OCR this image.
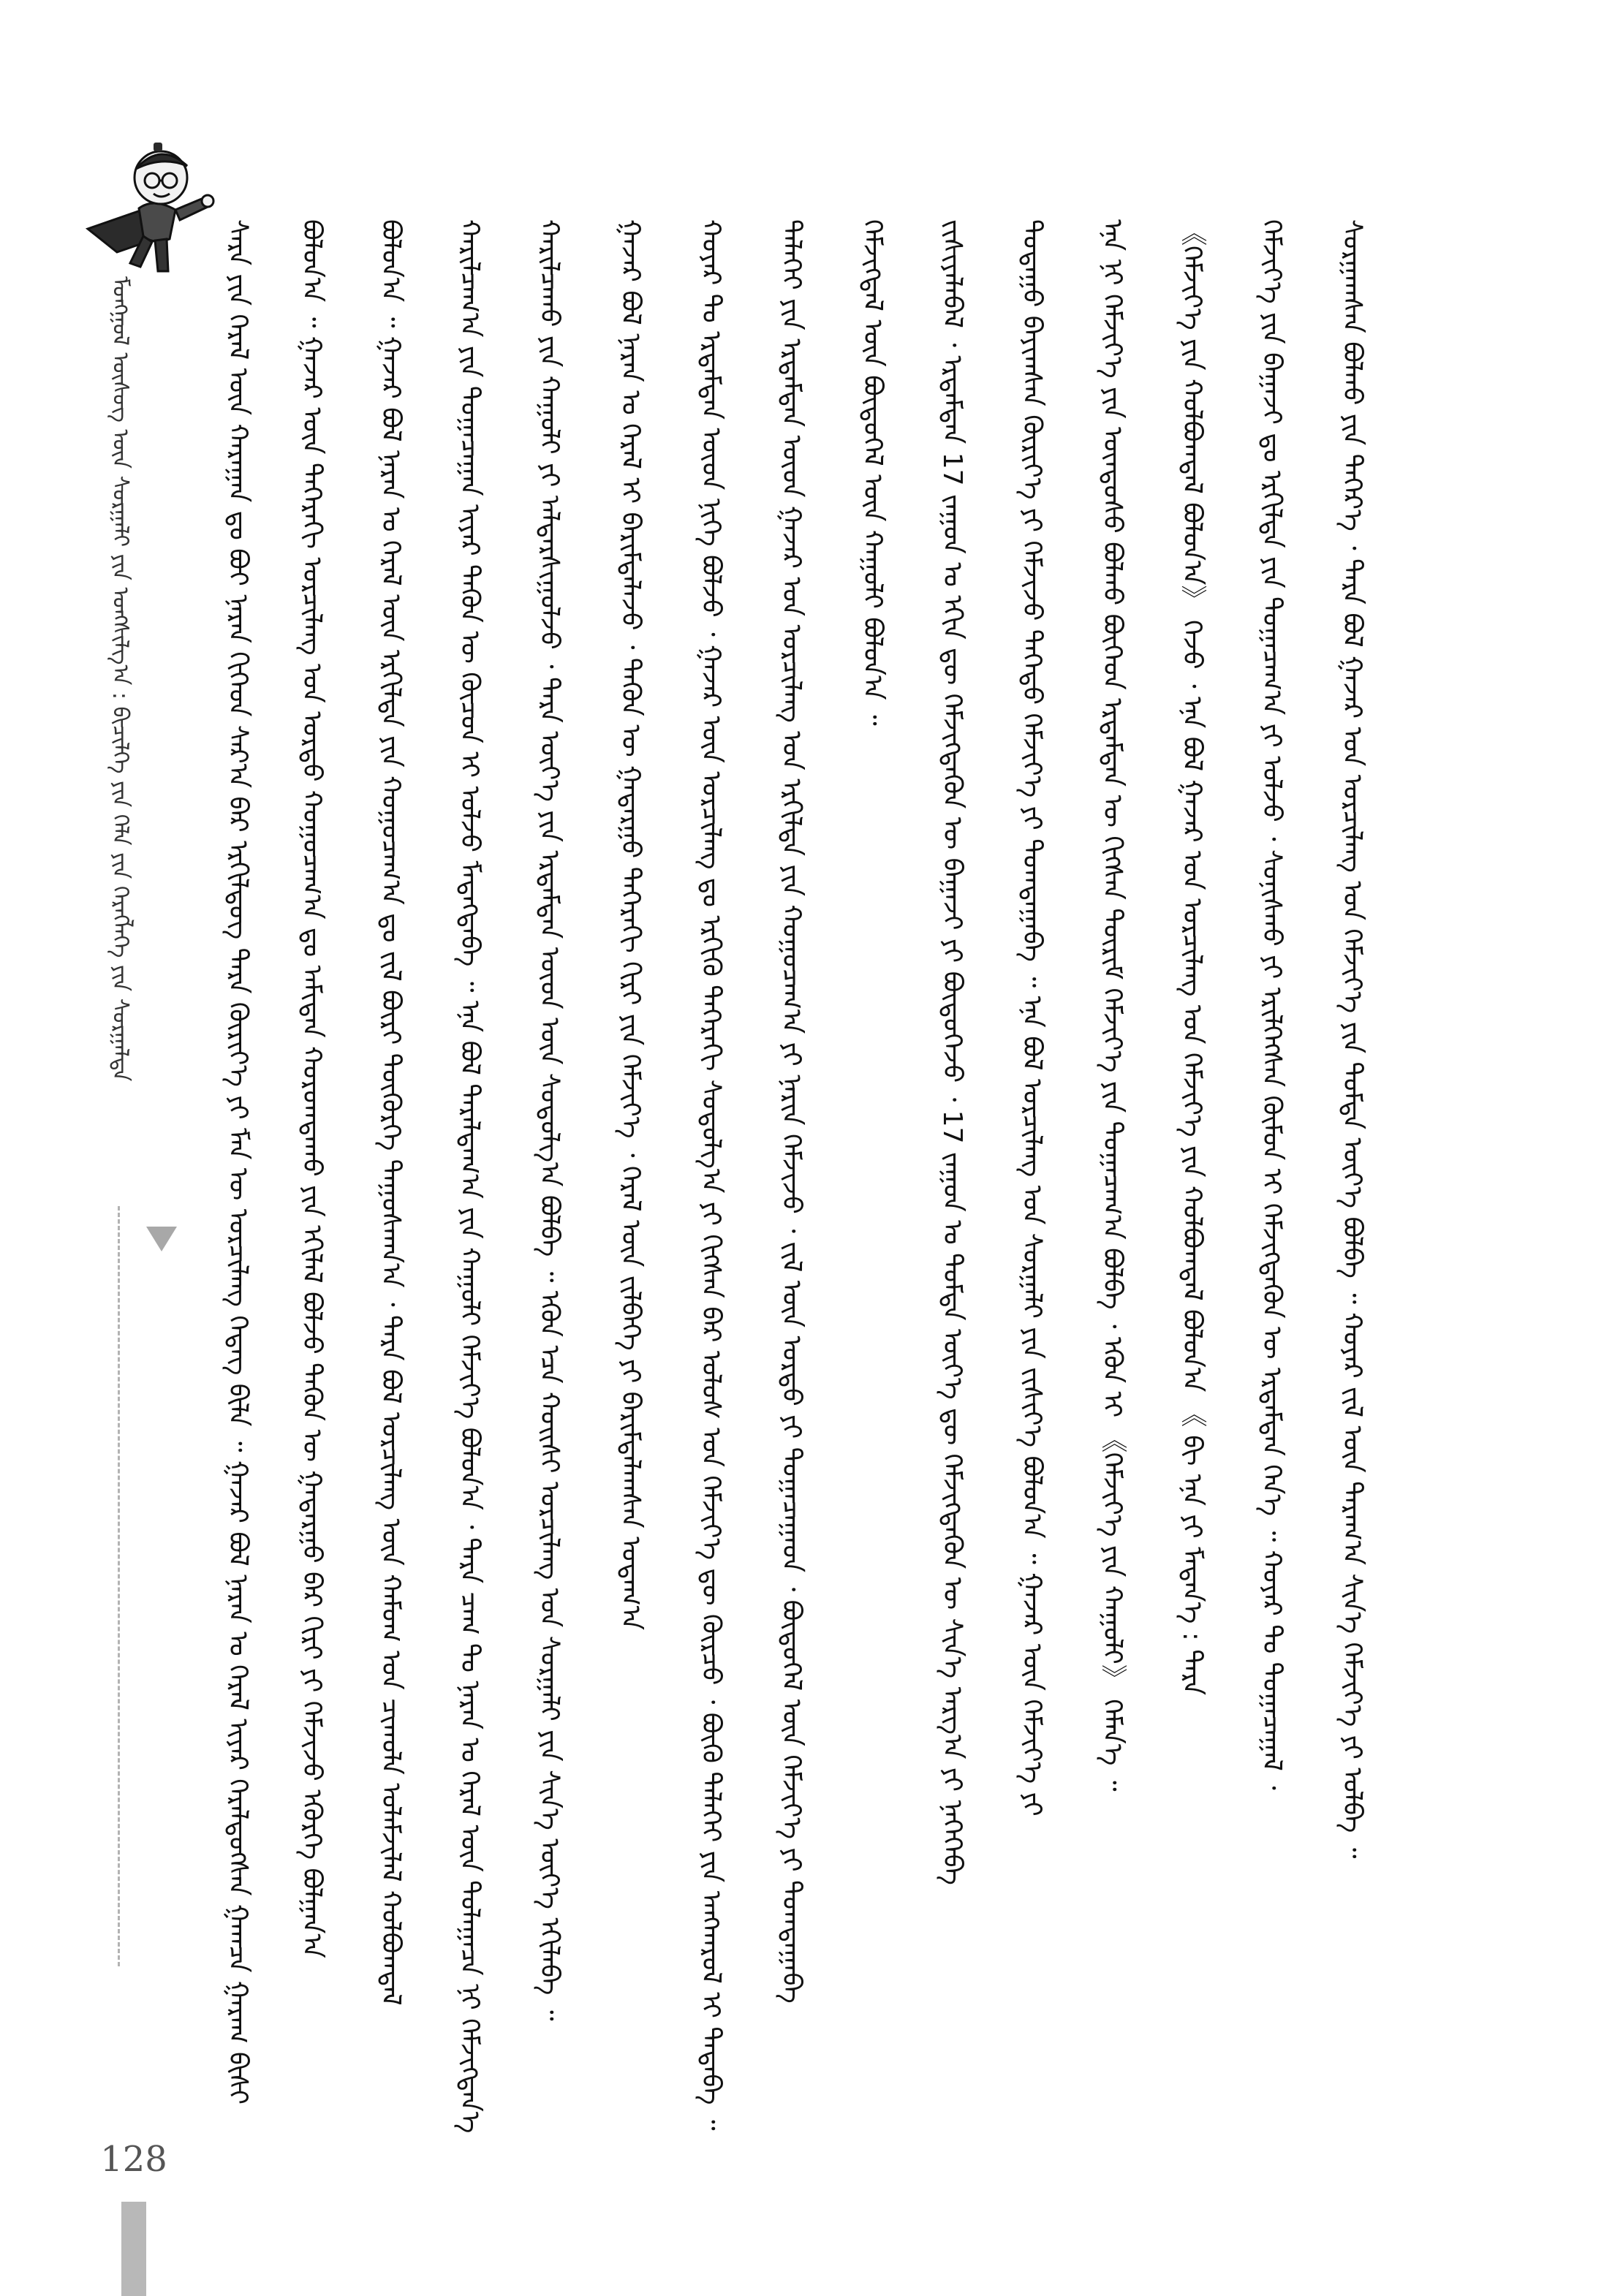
ᠮᠣᠩᠭᠣᠯ ᠦᠰᠦᠭ ᠦᠨ ᠰᠤᠷᠭᠠᠯᠢ ᠶᠢᠨ ᠤᠩᠰᠢᠯᠭ᠎ᠠ : ᠪᠢᠴᠢᠯᠭᠡ ᠶᠢᠨ ᠬᠡᠯᠡ ᠶᠢᠨ ᠬᠡᠷᠡᠭᠯᠡᠭᠡ ᠶᠢᠨ ᠰᠤᠷᠭᠠᠯᠳᠠ	ᠰᠠᠷᠠ ᠶᠢᠨ ᠭᠡᠷᠡᠯ ᠦᠨ ᠬᠠᠷᠠᠭᠠᠨ ᠳᠤ ᠪᠤᠢ ᠨᠠᠷᠠᠨ ᠬᠢᠭᠡᠳ ᠰᠠᠷ᠎ᠠ ᠪᠠᠷ ᠡᠷᠭᠢᠯᠳᠦᠭ ᠲᠡᠷᠡ ᠬᠦᠷᠢᠶ᠎ᠡ ᠶᠢ ᠮᠠᠨ ᠦ ᠣᠷᠴᠢᠯᠠᠩ ᠭᠡᠳᠡᠭ ᠪᠢᠯᠡ ᠃ ᠭᠠᠵᠠᠷ ᠪᠣᠯ ᠨᠠᠷᠠᠨ ᠤ ᠭᠡᠷᠡᠯ ᠢᠶᠡᠷ ᠭᠡᠷᠡᠯᠲᠦᠭᠰᠡᠨ ᠭᠠᠭᠴᠠ ᠭᠠᠷᠠᠭ ᠪᠢᠰᠢ ᠪᠣᠯᠤᠨ᠎ᠠ ᠃ ᠭᠠᠵᠠᠷ ᠦᠨ ᠲᠡᠭᠡᠷᠡᠬᠢ ᠣᠷᠴᠢᠯᠠᠩ ᠤᠨ ᠤᠷᠲᠤ ᠬᠤᠭᠤᠴᠠᠭ᠎ᠠ ᠳᠤ ᠠᠮᠢᠲᠠᠨ ᠬᠣᠷᠤᠭᠳᠠᠬᠤ ᠶᠢᠨ ᠡᠬᠢᠯᠡᠯ ᠪᠣᠯᠵᠤ ᠲᠡᠭᠦᠨ ᠦ ᠭᠠᠳᠠᠷᠭᠤ ᠪᠡᠷ ᠬᠢᠷᠢ ᠶᠢ ᠬᠡᠮᠵᠢᠵᠦ ᠡᠭᠦᠷᠭᠡ ᠪᠣᠯᠭᠠᠨ᠎ᠠ ᠪᠣᠯᠤᠨ᠎ᠠ ᠃ ᠭᠠᠵᠠᠷ ᠪᠣᠯ ᠨᠠᠷᠠᠨ ᠤ ᠭᠡᠷᠡᠯ ᠦᠨ ᠡᠷᠭᠢᠯᠲᠡ ᠶᠢᠨ ᠬᠤᠭᠤᠴᠠᠭ᠎ᠠ ᠳᠤ ᠵᠢᠯ ᠪᠦᠷᠢ ᠳᠦᠭᠦᠷᠭᠡ ᠳᠠᠭᠤᠰᠬᠠᠨ᠎ᠠ ᠂ ᠲᠡᠷᠡ ᠪᠣᠯ ᠣᠷᠴᠢᠯᠠᠩ ᠦᠨ ᠬᠠᠮᠤᠭ ᠤᠨ ᠴᠢᠬᠤᠯᠠ ᠤᠯᠠᠮᠵᠢᠯᠠᠯ ᠬᠣᠯᠪᠤᠭᠳᠠᠯ ᠬᠠᠷᠢᠯᠴᠠᠭ᠎ᠠ ᠶᠢᠨ ᠲᠣᠭᠠᠴᠠᠭᠠᠨ ᠢᠶᠠᠷ ᠲᠡᠭᠦᠨ ᠦ ᠬᠦᠴᠦᠨ ᠢ ᠣᠯᠵᠤ ᠮᠡᠳᠡᠭᠳᠡᠪᠡ ᠃ ᠡᠨᠡ ᠪᠣᠯ ᠲᠠᠷᠠᠯᠳᠠᠭ᠎ᠠ ᠶᠢᠨ ᠬᠠᠭᠤᠯᠢ ᠬᠡᠮᠵᠢᠶ᠎ᠡ ᠪᠣᠯᠤᠨ᠎ᠠ ᠂ ᠲᠡᠷᠡ ᠴᠠᠭ ᠲᠤ ᠨᠠᠷᠠᠨ ᠤ ᠭᠡᠷᠡᠯ ᠦᠨ ᠳᠤᠯᠠᠭᠠᠴᠠ ᠨᠢ ᠬᠡᠮᠵᠢᠭᠳᠡᠨ᠎ᠡ ᠬᠠᠷᠢᠯᠴᠠᠬᠤ ᠶᠢᠨ ᠬᠠᠭᠤᠯᠢ ᠶᠢ ᠠᠯᠳᠠᠷᠰᠢᠭᠤᠯᠵᠤ ᠂ ᠲᠡᠷᠡ ᠦᠶ᠎ᠡ ᠶᠢᠨ ᠡᠷᠳᠡᠮᠲᠡᠨ ᠦᠳ ᠦᠨ ᠰᠤᠳᠤᠯᠭ᠎ᠠ ᠪᠣᠯᠪᠠ ᠃ ᠡᠭᠦᠨ ᠡᠴᠡ ᠬᠣᠢᠰᠢ ᠣᠷᠴᠢᠯᠠᠩ ᠤᠨ ᠰᠤᠷᠭᠠᠯᠢ ᠶᠢᠨ ᠰᠢᠨ᠎ᠡ ᠦᠶ᠎ᠡ ᠡᠬᠢᠯᠡᠪᠡ ᠃ ᠭᠠᠵᠠᠷ ᠪᠣᠯ ᠨᠠᠷᠠᠨ ᠤ ᠭᠡᠷᠡᠯ ᠢ ᠪᠠᠷᠢᠮᠲᠠᠯᠠᠵᠤ ᠂ ᠲᠡᠭᠦᠨ ᠦ ᠭᠠᠳᠠᠷᠭᠤ ᠳᠡᠭᠡᠷᠡᠬᠢ ᠬᠢᠷᠢ ᠶᠢᠨ ᠬᠡᠮᠵᠢᠶ᠎ᠡ ᠂ ᠭᠡᠷᠡᠯ ᠦᠨ ᠵᠢᠯᠪᠡᠭᠡ ᠶᠢ ᠪᠠᠷᠢᠮᠲᠠᠯᠠᠭᠰᠠᠨ ᠤᠳᠠᠭ᠎ᠠ ᠬᠣᠶᠠᠷ ᠲᠤ ᠡᠷᠳᠡᠮᠲᠡᠨ ᠦᠳ ᠨᠢᠭᠡ ᠪᠣᠯᠵᠤ ᠂ ᠭᠠᠵᠠᠷ ᠦᠨ ᠣᠷᠴᠢᠯᠠᠩ ᠳᠤ ᠡᠷᠭᠢᠬᠦ ᠲᠡᠭᠡᠷᠡᠬᠢ ᠰᠤᠳᠤᠯᠭ᠎ᠠ ᠶᠢ ᠬᠢᠭᠰᠡᠨ ᠪᠠᠷ ᠤᠯᠤᠰ ᠤᠨ ᠬᠡᠮᠵᠢᠶ᠎ᠡ ᠳᠦ ᠬᠦᠷᠴᠦ ᠂ ᠪᠦᠬᠦ ᠳᠡᠯᠡᠬᠡᠢ ᠶᠢᠨ ᠠᠩᠬᠠᠷᠤᠯ ᠢ ᠲᠠᠲᠠᠪᠠ ᠃ ᠳᠡᠯᠡᠬᠡᠢ ᠶᠢᠨ ᠡᠷᠳᠡᠮᠲᠡᠨ ᠦᠳ ᠭᠠᠵᠠᠷ ᠤᠨ ᠣᠷᠴᠢᠯᠠᠩ ᠤᠨ ᠡᠷᠭᠢᠯᠲᠡ ᠶᠢᠨ ᠬᠤᠭᠤᠴᠠᠭ᠎ᠠ ᠶᠢ ᠨᠠᠷᠢᠨ ᠬᠡᠮᠵᠢᠵᠦ ᠂ ᠵᠢᠯ ᠦᠨ ᠤᠷᠲᠤ ᠶᠢ ᠲᠣᠭᠠᠴᠠᠭᠠᠳ ᠂ ᠪᠦᠲᠦᠭᠡᠯ ᠦᠨ ᠬᠡᠮᠵᠢᠶ᠎ᠡ ᠶᠢ ᠲᠣᠭᠲᠠᠭᠠᠪᠠ ᠬᠡᠮᠵᠢᠭᠳᠡᠯ ᠦᠨ ᠪᠦᠲᠦᠭᠡᠯ ᠦᠨ ᠬᠠᠭᠤᠯᠢ ᠪᠣᠯᠤᠨ᠎ᠠ ᠃ ᠵᠢᠰᠢᠶᠡᠯᠡᠪᠡᠯ ᠂ ᠡᠷᠳᠡᠮᠲᠡᠨ 17 ᠵᠠᠭᠤᠨ ᠤ ᠡᠬᠢᠨ ᠳᠦ ᠬᠡᠮᠵᠢᠭᠳᠡᠬᠦᠨ ᠦ ᠪᠠᠭᠠᠵᠢ ᠶᠢ ᠪᠦᠲᠦᠭᠡᠵᠦ ᠂ 17 ᠵᠠᠭᠤᠨ ᠤ ᠳᠤᠮᠳᠠ ᠦᠶ᠎ᠡ ᠳᠦ ᠬᠡᠮᠵᠢᠭᠳᠡᠬᠦᠨ ᠦ ᠰᠢᠨ᠎ᠡ ᠠᠷᠭ᠎ᠠ ᠶᠢ ᠨᠡᠭᠡᠭᠡᠪᠡ ᠳᠤᠲᠠᠭᠤ ᠪᠠᠶᠢᠭᠰᠠᠨ ᠬᠦᠷᠢᠶ᠎ᠡ ᠶᠢ ᠬᠡᠮᠵᠢᠵᠦ ᠳᠡᠭᠡᠳᠦ ᠬᠡᠮᠵᠢᠶ᠎ᠡ ᠶᠢ ᠲᠣᠭᠲᠠᠭᠠᠪᠠ ᠃ ᠡᠨᠡ ᠪᠣᠯ ᠣᠷᠴᠢᠯᠠᠩ ᠤᠨ ᠰᠤᠷᠭᠠᠯᠢ ᠶᠢᠨ ᠵᠢᠰᠢᠶ᠎ᠡ ᠪᠣᠯᠤᠨ᠎ᠠ ᠃ ᠭᠠᠵᠠᠷ ᠦᠨ ᠬᠡᠮᠵᠢᠶ᠎ᠡ ᠶᠢ ᠡᠨᠡ ᠨᠢ ᠬᠡᠮᠵᠢᠶ᠎ᠡ ᠶᠢᠨ ᠦᠨᠳᠦᠰᠦ ᠪᠣᠯᠬᠤ ᠪᠥᠭᠡᠳ ᠡᠷᠳᠡᠮᠲᠡᠨ ᠦ ᠬᠢᠭᠰᠡᠨ ᠳᠦᠷᠢᠮ ᠬᠡᠮᠵᠢᠶ᠎ᠡ ᠶᠢᠨ ᠲᠣᠭᠠᠴᠠᠭ᠎ᠠ ᠪᠣᠯᠪᠠ ᠂ ᠡᠭᠦᠨ ᠢ 《ᠬᠡᠮᠵᠢᠶ᠎ᠡ ᠶᠢᠨ ᠬᠠᠭᠤᠯᠢ》 ᠬᠡᠮᠡᠨ᠎ᠡ ᠃ 《ᠬᠡᠮᠵᠢᠶ᠎ᠡ ᠶᠢᠨ ᠬᠣᠯᠪᠤᠭᠳᠠᠯ ᠪᠣᠯᠤᠨ᠎ᠠ》 ᠭᠡᠵᠦ ᠂ ᠡᠨᠡ ᠪᠣᠯ ᠭᠠᠵᠠᠷ ᠤᠨ ᠣᠷᠴᠢᠯᠠᠩ ᠤᠨ ᠬᠡᠮᠵᠢᠶ᠎ᠡ ᠶᠢᠨ ᠬᠣᠯᠪᠤᠭᠳᠠᠯ ᠪᠣᠯᠤᠨ᠎ᠠ 《 ᠪᠢ ᠡᠨᠡ ᠶᠢ ᠮᠡᠳᠡᠨ᠎ᠡ : ᠲᠡᠷᠡ ᠬᠡᠮᠵᠢᠶ᠎ᠡ ᠶᠢᠨ ᠪᠠᠭᠠᠵᠢ ᠳᠤ ᠡᠷᠭᠢᠯᠲᠡ ᠶᠢᠨ ᠲᠣᠭᠠᠴᠠᠭ᠎ᠠ ᠶᠢ ᠣᠯᠵᠤ ᠂ ᠰᠣᠨᠢᠰᠬᠤ ᠶᠢ ᠡᠷᠢᠯᠬᠡᠭᠰᠡᠨ ᠬᠦᠮᠦᠨ ᠢ ᠬᠡᠮᠵᠢᠭᠳᠡᠬᠦᠨ ᠦ ᠡᠷᠳᠡᠮᠲᠡᠨ ᠭᠡᠨ᠎ᠡ ᠃ ᠬᠣᠶᠠᠷ ᠲᠤ ᠲᠣᠭᠠᠴᠠᠭᠠᠯ ᠂ ᠰᠤᠷᠭᠠᠭᠰᠠᠨ ᠪᠣᠯᠬᠤ ᠶᠢᠨ ᠳᠡᠭᠡᠷ᠎ᠡ ᠂ ᠲᠡᠷᠡ ᠪᠣᠯ ᠭᠠᠵᠠᠷ ᠤᠨ ᠣᠷᠴᠢᠯᠠᠩ ᠤᠨ ᠬᠡᠮᠵᠢᠶ᠎ᠡ ᠶᠢᠨ ᠳᠤᠮᠳᠠ ᠦᠶ᠎ᠡ ᠪᠣᠯᠪᠠ ᠃ ᠬᠣᠶᠠᠷ ᠵᠢᠯ ᠦᠨ ᠳᠠᠷᠠᠭ᠎ᠠ ᠰᠢᠨ᠎ᠡ ᠬᠡᠮᠵᠢᠶ᠎ᠡ ᠶᠢ ᠣᠯᠪᠠ ᠃
128
